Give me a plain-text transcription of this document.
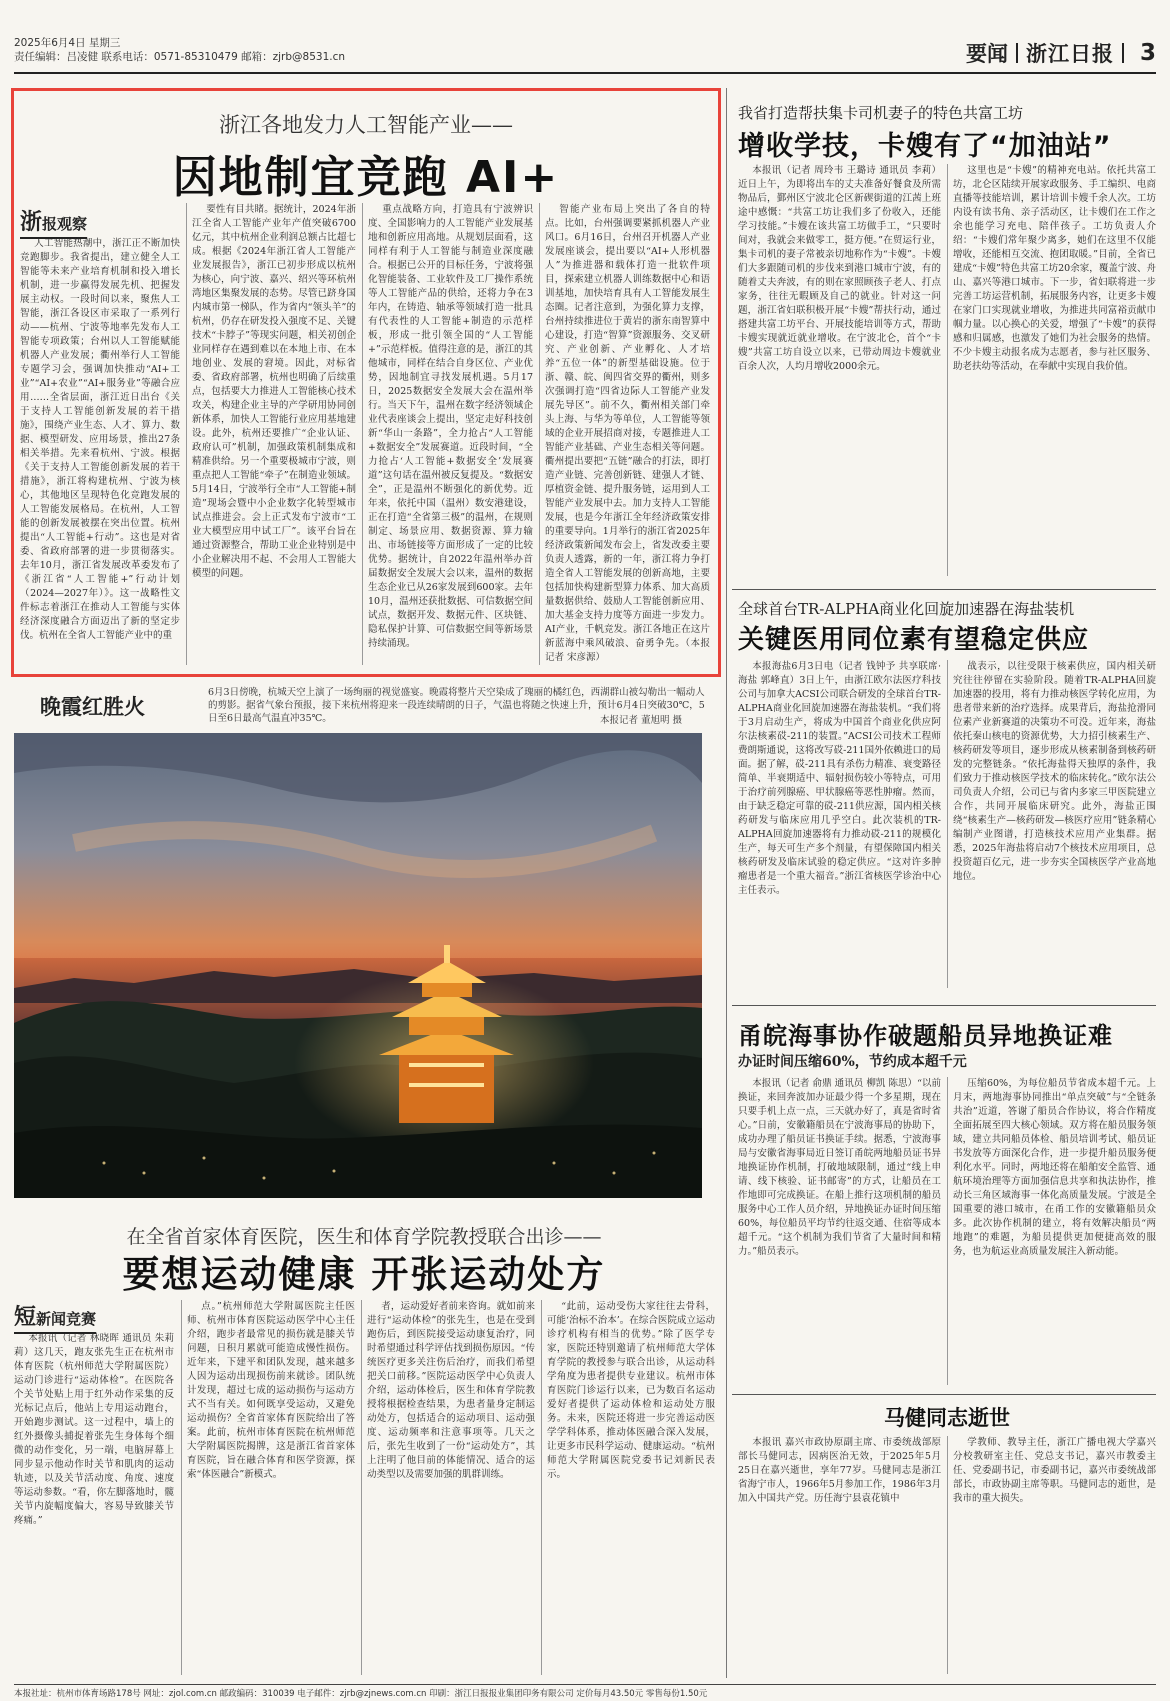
2025年6月4日 星期三
责任编辑：吕凌健 联系电话：0571-85310479 邮箱：zjrb@8531.cn	要闻 浙江日报 3
浙江各地发力人工智能产业——
因地制宜竞跑 AI+
浙报观察

人工智能热潮中，浙江正不断加快竞跑脚步。我省提出，建立健全人工智能等未来产业培育机制和投入增长机制，进一步赢得发展先机、把握发展主动权。一段时间以来，聚焦人工智能，浙江各设区市采取了一系列行动——杭州、宁波等地率先发布人工智能专项政策；台州以人工智能赋能机器人产业发展；衢州举行人工智能专题学习会，强调加快推动“AI+工业”“AI+农业”“AI+服务业”等融合应用……全省层面，浙江近日出台《关于支持人工智能创新发展的若干措施》，围绕产业生态、人才、算力、数据、模型研发、应用场景，推出27条相关举措。先来看杭州、宁波。根据《关于支持人工智能创新发展的若干措施》，浙江将构建杭州、宁波为核心，其他地区呈现特色化竞跑发展的人工智能发展格局。在杭州，人工智能的创新发展被摆在突出位置。杭州提出“人工智能+行动”。这也是对省委、省政府部署的进一步贯彻落实。去年10月，浙江省发展改革委发布了《浙江省“人工智能+”行动计划（2024—2027年）》。这一战略性文件标志着浙江在推动人工智能与实体经济深度融合方面迈出了新的坚定步伐。杭州在全省人工智能产业中的重

要性有目共睹。据统计，2024年浙江全省人工智能产业年产值突破6700亿元，其中杭州企业利润总额占比超七成。根据《2024年浙江省人工智能产业发展报告》，浙江已初步形成以杭州为核心，向宁波、嘉兴、绍兴等环杭州湾地区集聚发展的态势。尽管已跻身国内城市第一梯队，作为省内“领头羊”的杭州，仍存在研发投入强度不足、关键技术“卡脖子”等现实问题，相关初创企业同样存在遇到难以在本地上市、在本地创业、发展的窘境。因此，对标省委、省政府部署，杭州也明确了后续重点，包括要大力推进人工智能核心技术攻关，构建企业主导的产学研用协同创新体系，加快人工智能行业应用基地建设。此外，杭州还要推广“企业认证、政府认可”机制，加强政策机制集成和精准供给。另一个重要极城市宁波，则重点把人工智能“牵子”在制造业领域。5月14日，宁波举行全市“人工智能+制造”现场会暨中小企业数字化转型城市试点推进会。会上正式发布宁波市“工业大模型应用中试工厂”。该平台旨在通过资源整合，帮助工业企业特别是中小企业解决用不起、不会用人工智能大模型的问题。

重点战略方向，打造具有宁波辨识度、全国影响力的人工智能产业发展基地和创新应用高地。从规划层面看，这同样有利于人工智能与制造业深度融合。根据已公开的目标任务，宁波将强化智能装备、工业软件及工厂操作系统等人工智能产品的供给，还将力争在3年内，在铸造、轴承等领域打造一批具有代表性的人工智能+制造的示范样板，形成一批引领全国的“人工智能+”示范样板。值得注意的是，浙江的其他城市，同样在结合自身区位、产业优势，因地制宜寻找发展机遇。5月17日，2025数据安全发展大会在温州举行。当天下午，温州在数字经济领域企业代表座谈会上提出，坚定走好科技创新“华山一条路”，全力抢占“人工智能+数据安全”发展赛道。近段时间，“全力抢占‘人工智能+数据安全’发展赛道”这句话在温州被反复提及。“数据安全”，正是温州不断强化的新优势。近年来，依托中国（温州）数安港建设，正在打造“全省第三极”的温州，在规则制定、场景应用、数据资源、算力输出、市场链接等方面形成了一定的比较优势。据统计，自2022年温州举办首届数据安全发展大会以来，温州的数据生态企业已从26家发展到600家。去年10月，温州还获批数据、可信数据空间试点，数据开发、数据元件、区块链、隐私保护计算、可信数据空间等新场景持续涌现。

智能产业布局上突出了各自的特点。比如，台州强调要紧抓机器人产业风口。6月16日，台州召开机器人产业发展座谈会，提出要以“AI+人形机器人”为推进器和载体打造一批软件项目，探索建立机器人训练数据中心和语训基地，加快培育具有人工智能发展生态圈。记者注意到，为强化算力支撑，台州持续推进位于黄岩的浙东南智算中心建设，打造“智算”资源服务、交叉研究、产业创新、产业孵化、人才培养“五位一体”的新型基础设施。位于浙、赣、皖、闽四省交界的衢州，则多次强调打造“四省边际人工智能产业发展先导区”。前不久，衢州相关部门牵头上海、与华为等单位，人工智能等领域的企业开展招商对接，专题推进人工智能产业基础、产业生态相关等问题。衢州提出要把“五链”融合的打法，即打造产业链、完善创新链、建强人才链、厚植资金链、提升服务链，运用到人工智能产业发展中去。加力支持人工智能发展，也是今年浙江全年经济政策安排的重要导向。1月举行的浙江省2025年经济政策新闻发布会上，省发改委主要负责人透露，新的一年，浙江将力争打造全省人工智能发展的创新高地，主要包括加快构建新型算力体系、加大高质量数据供给、鼓励人工智能创新应用、加大基金支持力度等方面进一步发力。AI产业，千帆竞发。浙江各地正在这片新蓝海中乘风破浪、奋勇争先。（本报记者 宋彦源）

我省打造帮扶集卡司机妻子的特色共富工坊
增收学技，卡嫂有了“加油站”

本报讯（记者 周玲韦 王璐诗 通讯员 李莉）近日上午，为即将出车的丈夫准备好餐食及所需物品后，鄞州区宁波北仑区新碶街道的江茜上班途中感慨：“共富工坊让我们多了份收入，还能学习技能。”卡嫂在该共富工坊做手工，“只要时间对，我就会来做零工，挺方便。”在贸运行业，集卡司机的妻子常被亲切地称作为“卡嫂”。卡嫂们大多跟随司机的步伐来到港口城市宁波，有的随着丈夫奔波，有的则在家照顾孩子老人、打点家务，往往无暇顾及自己的就业。针对这一问题，浙江省妇联积极开展“卡嫂”帮扶行动，通过搭建共富工坊平台、开展技能培训等方式，帮助卡嫂实现就近就业增收。在宁波北仑，首个“卡嫂”共富工坊自设立以来，已带动周边卡嫂就业百余人次，人均月增收2000余元。

这里也是“卡嫂”的精神充电站。依托共富工坊，北仑区陆续开展家政服务、手工编织、电商直播等技能培训，累计培训卡嫂千余人次。工坊内设有读书角、亲子活动区，让卡嫂们在工作之余也能学习充电、陪伴孩子。工坊负责人介绍：“卡嫂们常年聚少离多，她们在这里不仅能增收，还能相互交流、抱团取暖。”目前，全省已建成“卡嫂”特色共富工坊20余家，覆盖宁波、舟山、嘉兴等港口城市。下一步，省妇联将进一步完善工坊运营机制，拓展服务内容，让更多卡嫂在家门口实现就业增收，为推进共同富裕贡献巾帼力量。以心换心的关爱，增强了“卡嫂”的获得感和归属感，也激发了她们为社会服务的热情。不少卡嫂主动报名成为志愿者，参与社区服务、助老扶幼等活动，在奉献中实现自我价值。

全球首台TR-ALPHA商业化回旋加速器在海盐装机
关键医用同位素有望稳定供应

本报海盐6月3日电（记者 钱钟予 共享联席·海盐 郭峰直）3日上午，由浙江欧尔法医疗科技公司与加拿大ACSI公司联合研发的全球首台TR-ALPHA商业化回旋加速器在海盐装机。“我们将于3月启动生产，将成为中国首个商业化供应阿尔法核素砹-211的装置。”ACSI公司技术工程师费朗斯通说，这将改写砹-211国外依赖进口的局面。据了解，砹-211具有杀伤力精准、衰变路径简单、半衰期适中、辐射损伤较小等特点，可用于治疗前列腺癌、甲状腺癌等恶性肿瘤。然而，由于缺乏稳定可靠的砹-211供应源，国内相关核药研发与临床应用几乎空白。此次装机的TR-ALPHA回旋加速器将有力推动砹-211的规模化生产，每天可生产多个剂量，有望保障国内相关核药研发及临床试验的稳定供应。“这对许多肿瘤患者是一个重大福音。”浙江省核医学诊治中心主任表示。

战表示，以往受限于核素供应，国内相关研究往往停留在实验阶段。随着TR-ALPHA回旋加速器的投用，将有力推动核医学转化应用，为患者带来新的治疗选择。成果背后，海盐抢滑同位素产业新赛道的决策功不可没。近年来，海盐依托秦山核电的资源优势，大力招引核素生产、核药研发等项目，逐步形成从核素制备到核药研发的完整链条。“依托海盐得天独厚的条件，我们致力于推动核医学技术的临床转化。”欧尔法公司负责人介绍，公司已与省内多家三甲医院建立合作，共同开展临床研究。此外，海盐正围绕“核素生产—核药研发—核医疗应用”链条精心编制产业图谱，打造核技术应用产业集群。据悉，2025年海盐将启动7个核技术应用项目，总投资超百亿元，进一步夯实全国核医学产业高地地位。

甬皖海事协作破题船员异地换证难
办证时间压缩60%，节约成本超千元

本报讯（记者 俞鼎 通讯员 柳凯 陈思）“以前换证，来回奔波加办证最少得一个多星期，现在只要手机上点一点，三天就办好了，真是省时省心。”日前，安徽籍船员在宁波海事局的协助下，成功办理了船员证书换证手续。据悉，宁波海事局与安徽省海事局近日签订甬皖两地船员证书异地换证协作机制，打破地域限制，通过“线上申请、线下核验、证书邮寄”的方式，让船员在工作地即可完成换证。在船上推行这项机制的船员服务中心工作人员介绍，异地换证办证时间压缩60%，每位船员平均节约往返交通、住宿等成本超千元。“这个机制为我们节省了大量时间和精力。”船员表示。

压缩60%，为每位船员节省成本超千元。上月末，两地海事协同推出“单点突破”与“全链条共治”近道，答谢了船员合作协议，将合作精度全面拓展至四大核心领域。双方将在船员服务领域，建立共同船员体检、船员培训考试、船员证书发放等方面深化合作，进一步提升船员服务便利化水平。同时，两地还将在船舶安全监管、通航环境治理等方面加强信息共享和执法协作，推动长三角区域海事一体化高质量发展。宁波是全国重要的港口城市，在甬工作的安徽籍船员众多。此次协作机制的建立，将有效解决船员“两地跑”的难题，为船员提供更加便捷高效的服务，也为航运业高质量发展注入新动能。

马健同志逝世

本报讯 嘉兴市政协原副主席、市委统战部原部长马健同志，因病医治无效，于2025年5月25日在嘉兴逝世，享年77岁。马健同志是浙江省海宁市人，1966年5月参加工作，1986年3月加入中国共产党。历任海宁县袁花镇中

学教师、教导主任，浙江广播电视大学嘉兴分校教研室主任、党总支书记，嘉兴市教委主任、党委副书记，市委副书记，嘉兴市委统战部部长，市政协副主席等职。马健同志的逝世，是我市的重大损失。

晚霞红胜火
6月3日傍晚，杭城天空上演了一场绚丽的视觉盛宴。晚霞将整片天空染成了瑰丽的橘红色，西湖群山被勾勒出一幅动人的剪影。据省气象台预报，接下来杭州将迎来一段连续晴朗的日子，气温也将随之快速上升，预计6月4日突破30℃，5日至6日最高气温直冲35℃。	本报记者 董旭明 摄
在全省首家体育医院，医生和体育学院教授联合出诊——
要想运动健康 开张运动处方
短新闻竞赛

本报讯（记者 林晓晖 通讯员 朱莉莉）这几天，跑友张先生正在杭州市体育医院（杭州师范大学附属医院）运动门诊进行“运动体检”。在医院各个关节处贴上用于红外动作采集的反光标记点后，他站上专用运动跑台，开始跑步测试。这一过程中，墙上的红外摄像头捕捉着张先生身体每个细微的动作变化，另一端，电脑屏幕上同步显示他动作时关节和肌肉的运动轨迹，以及关节活动度、角度、速度等运动参数。“看，你左脚落地时，髋关节内旋幅度偏大，容易导致膝关节疼痛。”

点。”杭州师范大学附属医院主任医师、杭州市体育医院运动医学中心主任介绍，跑步者最常见的损伤就是膝关节问题，日积月累就可能造成慢性损伤。近年来，下建平和团队发现，越来越多人因为运动出现损伤前来就诊。团队统计发现，超过七成的运动损伤与运动方式不当有关。如何既享受运动，又避免运动损伤？全省首家体育医院给出了答案。此前，杭州市体育医院在杭州师范大学附属医院揭牌，这是浙江省首家体育医院，旨在融合体育和医学资源，探索“体医融合”新模式。

者，运动爱好者前来咨询。就如前来进行“运动体检”的张先生，也是在受到跑伤后，到医院接受运动康复治疗，同时希望通过科学评估找到损伤原因。“传统医疗更多关注伤后治疗，而我们希望把关口前移。”医院运动医学中心负责人介绍，运动体检后，医生和体育学院教授将根据检查结果，为患者量身定制运动处方，包括适合的运动项目、运动强度、运动频率和注意事项等。几天之后，张先生收到了一份“运动处方”，其上注明了他目前的体能情况、适合的运动类型以及需要加强的肌群训练。

“此前，运动受伤大家往往去骨科，可能‘治标不治本’。在综合医院成立运动诊疗机构有相当的优势。”除了医学专家，医院还特别邀请了杭州师范大学体育学院的教授参与联合出诊，从运动科学角度为患者提供专业建议。杭州市体育医院门诊运行以来，已为数百名运动爱好者提供了运动体检和运动处方服务。未来，医院还将进一步完善运动医学学科体系，推动体医融合深入发展，让更多市民科学运动、健康运动。“杭州师范大学附属医院党委书记刘新民表示。

本报社址：杭州市体育场路178号 网址：zjol.com.cn 邮政编码：310039 电子邮件：zjrb@zjnews.com.cn 印刷：浙江日报报业集团印务有限公司 定价每月43.50元 零售每份1.50元
